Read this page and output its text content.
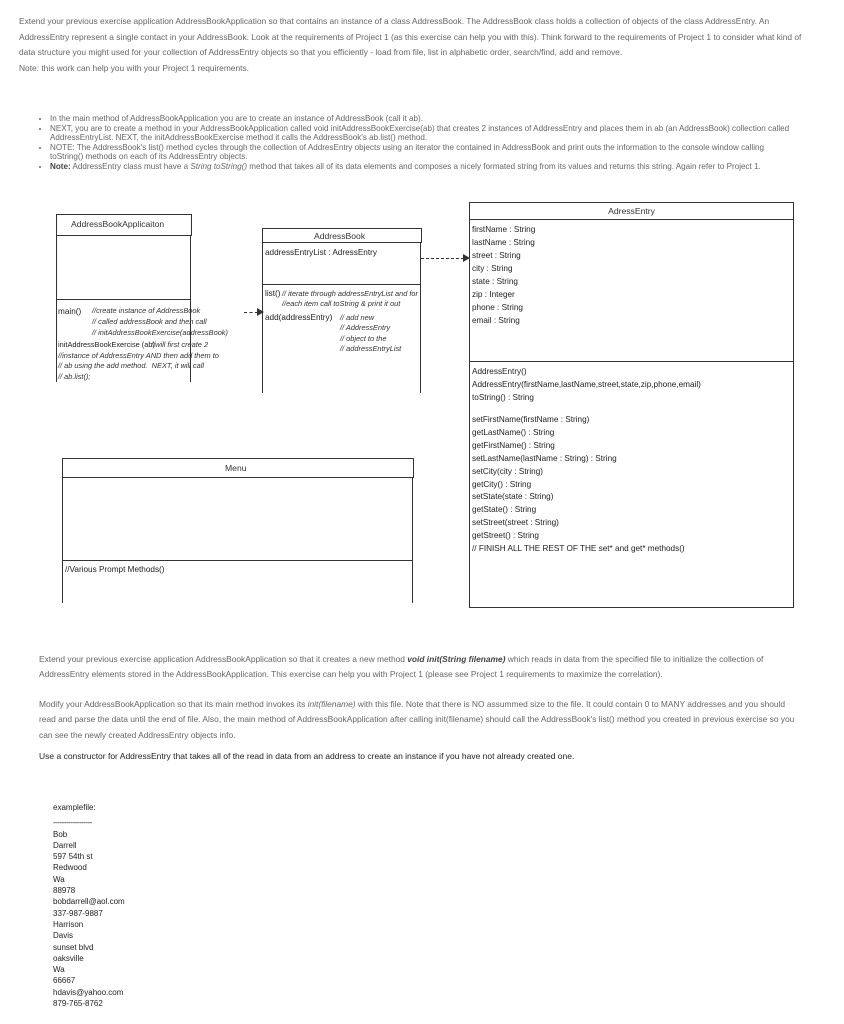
Extend your previous exercise application AddressBookApplication so that contains an instance of a class AddressBook. The AddressBook class holds a collection of objects of the class AddressEntry. An AddressEntry represent a single contact in your AddressBook. Look at the requirements of Project 1 (as this exercise can help you with this). Think forward to the requirements of Project 1 to consider what kind of data structure you might used for your collection of AddressEntry objects so that you efficiently - load from file, list in alphabetic order, search/find, add and remove.

Note: this work can help you with your Project 1 requirements.

• In the main method of AddressBookApplication you are to create an instance of AddressBook (call it ab).
• NEXT, you are to create a method in your AddressBookApplication called void initAddressBookExercise(ab) that creates 2 instances of AddressEntry and places them in ab (an AddressBook) collection called AddressEntryList. NEXT, the initAddressBookExercise method it calls the AddressBook's ab.list() method.
• NOTE: The AddressBook's list() method cycles through the collection of AddresEntry objects using an iterator the contained in AddressBook and print outs the information to the console window calling toString() methods on each of its AddressEntry objects.
• Note: AddressEntry class must have a String toString() method that takes all of its data elements and composes a nicely formated string from its values and returns this string. Again refer to Project 1.
AddressBookApplicaiton
main() //create instance of AddressBook
// called addressBook and then call
// initAddressBookExercise(addressBook)
initAddressBookExercise (ab)
//will first create 2
//instance of AddressEntry AND then add them to
// ab using the add method.  NEXT, it will call
// ab.list();
AddressBook
addressEntryList : AdressEntry
list() // iterate through addressEntryList and for
//each item call toString & print it out
add(addressEntry) // add new
// AddressEntry
// object to the
// addressEntryList
AdressEntry
firstName : String
lastName : String
street : String
city : String
state : String
zip : Integer
phone : String
email : String
AddressEntry()
AddressEntry(firstName,lastName,street,state,zip,phone,email)
toString() : String
setFirstName(firstName : String)
getLastName() : String
getFirstName() : String
setLastName(lastName : String) : String
setCity(city : String)
getCity() : String
setState(state : String)
getState() : String
setStreet(street : String)
getStreet() : String
// FINISH ALL THE REST OF THE set* and get* methods()
Menu
//Various Prompt Methods()

Extend your previous exercise application AddressBookApplication so that it creates a new method void init(String filename) which reads in data from the specified file to initialize the collection of AddressEntry elements stored in the AddressBookApplication. This exercise can help you with Project 1 (please see Project 1 requirements to maximize the correlation).

Modify your AddressBookApplication so that its main method invokes its init(filename) with this file. Note that there is NO assummed size to the file. It could contain 0 to MANY addresses and you should read and parse the data until the end of file. Also, the main method of AddressBookApplication after calling init(filename) should call the AddressBook's list() method you created in previous exercise so you can see the newly created AddressEntry objects info.

Use a constructor for AddressEntry that takes all of the read in data from an address to create an instance if you have not already created one.
examplefile:
------------------
Bob
Darrell
597 54th st
Redwood
Wa
88978
bobdarrell@aol.com
337-987-9887
Harrison
Davis
sunset blvd
oaksville
Wa
66667
hdavis@yahoo.com
879-765-8762
